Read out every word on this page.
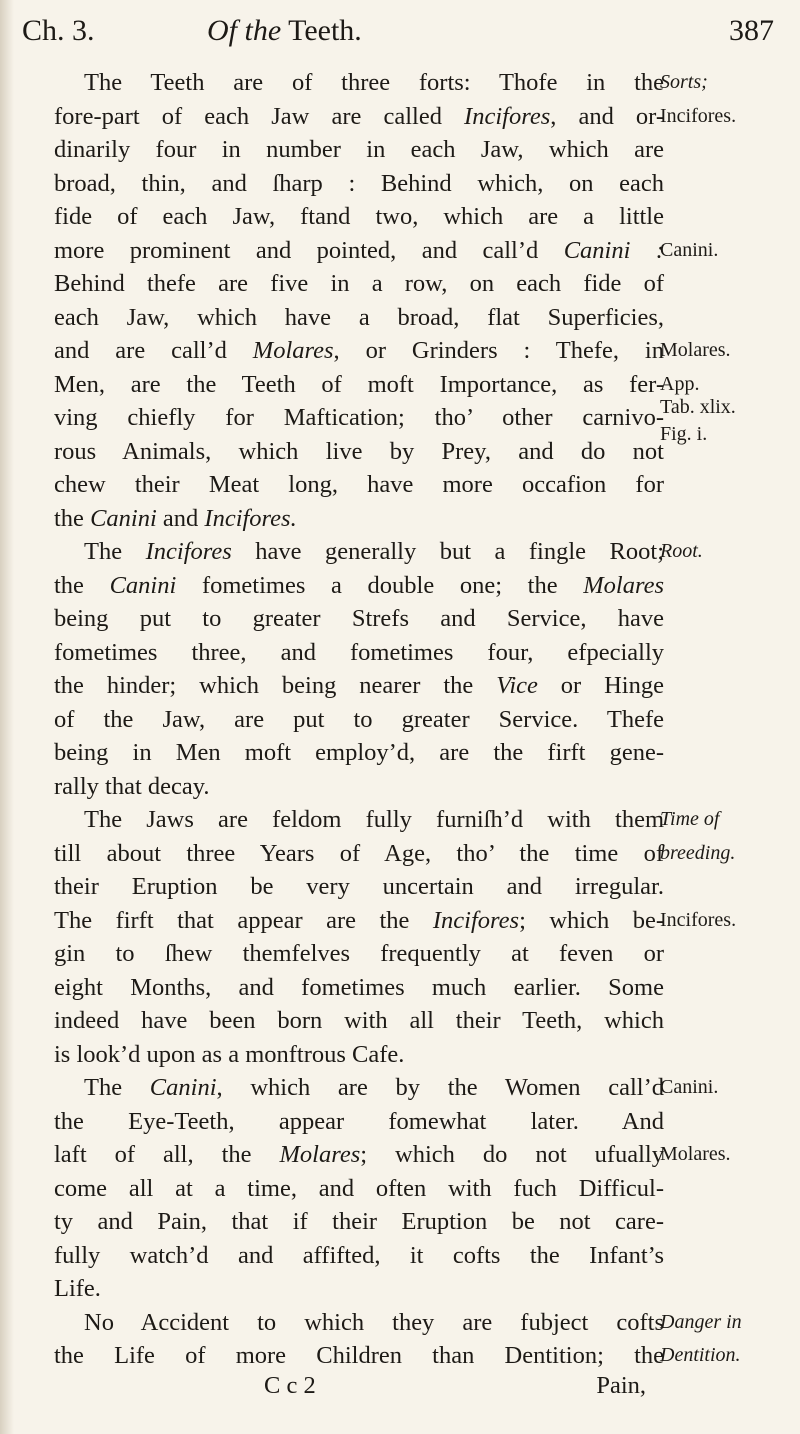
Ch. 3.	Of the Teeth.	387
The Teeth are of three forts: Thofe in the
fore-part of each Jaw are called Incifores, and or-
dinarily four in number in each Jaw, which are
broad, thin, and ſharp : Behind which, on each
fide of each Jaw, ftand two, which are a little
more prominent and pointed, and call’d Canini :
Behind thefe are five in a row, on each fide of
each Jaw, which have a broad, flat Superficies,
and are call’d Molares, or Grinders : Thefe, in
Men, are the Teeth of moft Importance, as fer-
ving chiefly for Maftication; tho’ other carnivo-
rous Animals, which live by Prey, and do not
chew their Meat long, have more occafion for
the Canini and Incifores.
The Incifores have generally but a fingle Root;
the Canini fometimes a double one; the Molares
being put to greater Strefs and Service, have
fometimes three, and fometimes four, efpecially
the hinder; which being nearer the Vice or Hinge
of the Jaw, are put to greater Service. Thefe
being in Men moft employ’d, are the firft gene-
rally that decay.
The Jaws are feldom fully furniſh’d with them
till about three Years of Age, tho’ the time of
their Eruption be very uncertain and irregular.
The firft that appear are the Incifores; which be-
gin to ſhew themfelves frequently at feven or
eight Months, and fometimes much earlier. Some
indeed have been born with all their Teeth, which
is look’d upon as a monftrous Cafe.
The Canini, which are by the Women call’d
the Eye-Teeth, appear fomewhat later. And
laft of all, the Molares; which do not ufually
come all at a time, and often with fuch Difficul-
ty and Pain, that if their Eruption be not care-
fully watch’d and affifted, it cofts the Infant’s
Life.
No Accident to which they are fubject cofts
the Life of more Children than Dentition; the
Sorts;
Incifores.
Canini.
Molares.
App.
Tab. xlix.
Fig. i.
Root.
Time of
breeding.
Incifores.
Canini.
Molares.
Danger in
Dentition.
C c 2	Pain,
